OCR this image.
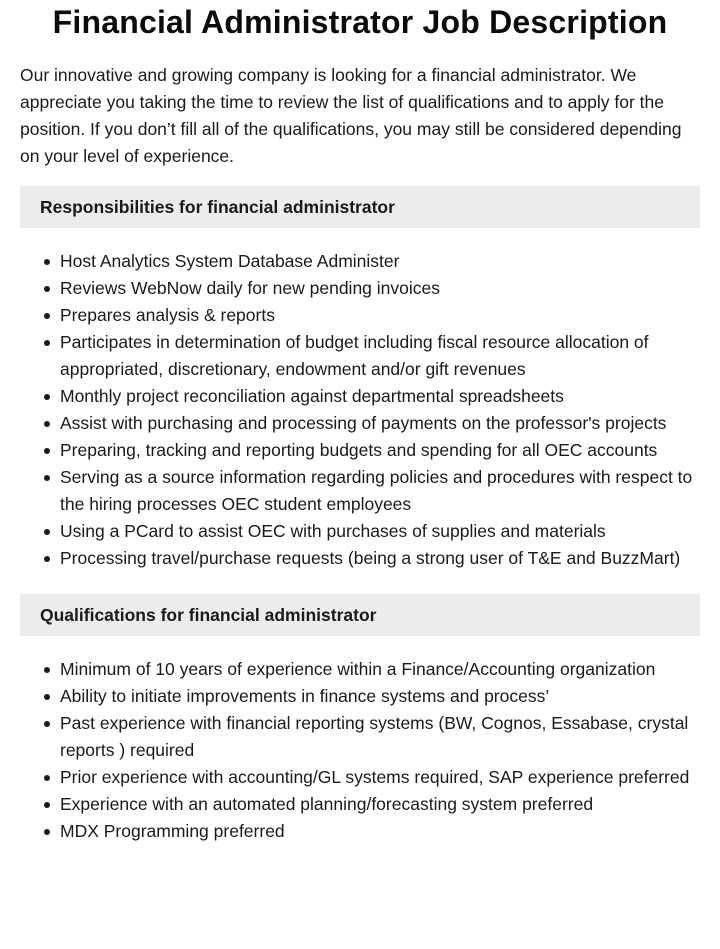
Financial Administrator Job Description

Our innovative and growing company is looking for a financial administrator. We appreciate you taking the time to review the list of qualifications and to apply for the position. If you don’t fill all of the qualifications, you may still be considered depending on your level of experience.

Responsibilities for financial administrator
Host Analytics System Database Administer
Reviews WebNow daily for new pending invoices
Prepares analysis & reports
Participates in determination of budget including fiscal resource allocation of appropriated, discretionary, endowment and/or gift revenues
Monthly project reconciliation against departmental spreadsheets
Assist with purchasing and processing of payments on the professor's projects
Preparing, tracking and reporting budgets and spending for all OEC accounts
Serving as a source information regarding policies and procedures with respect to the hiring processes OEC student employees
Using a PCard to assist OEC with purchases of supplies and materials
Processing travel/purchase requests (being a strong user of T&E and BuzzMart)
Qualifications for financial administrator
Minimum of 10 years of experience within a Finance/Accounting organization
Ability to initiate improvements in finance systems and process’
Past experience with financial reporting systems (BW, Cognos, Essabase, crystal reports ) required
Prior experience with accounting/GL systems required, SAP experience preferred
Experience with an automated planning/forecasting system preferred
MDX Programming preferred
